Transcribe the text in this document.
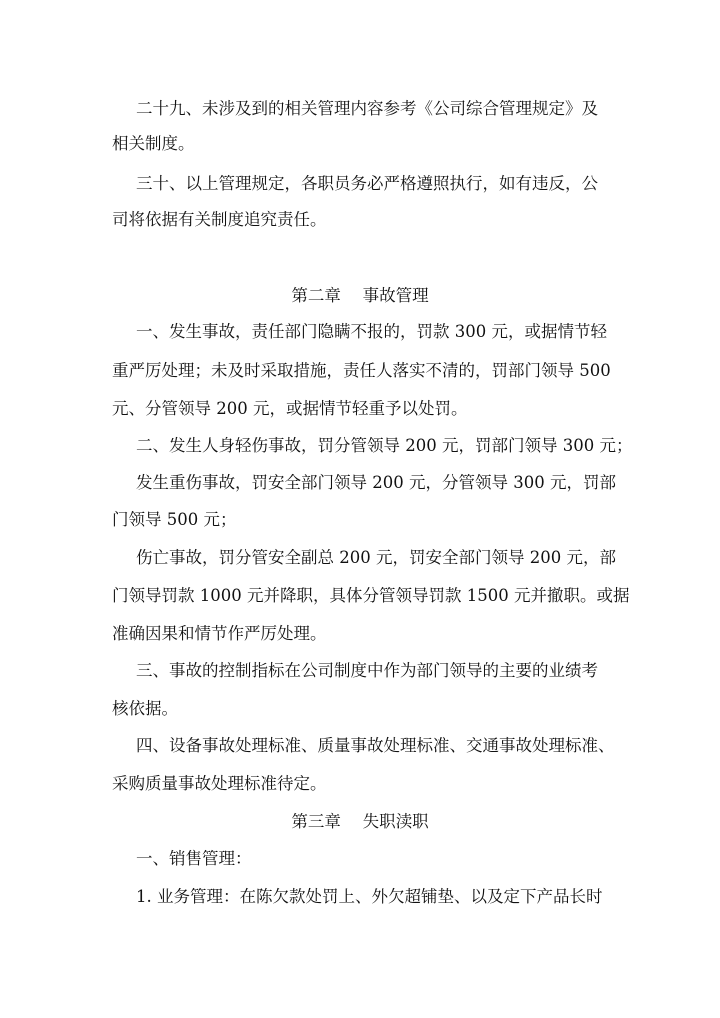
二十九、未涉及到的相关管理内容参考《公司综合管理规定》及
相关制度。
三十、以上管理规定，各职员务必严格遵照执行，如有违反，公
司将依据有关制度追究责任。
第二章　 事故管理
一、发生事故，责任部门隐瞒不报的，罚款 300 元，或据情节轻
重严厉处理；未及时采取措施，责任人落实不清的，罚部门领导 500
元、分管领导 200 元，或据情节轻重予以处罚。
二、发生人身轻伤事故，罚分管领导 200 元，罚部门领导 300 元；
发生重伤事故，罚安全部门领导 200 元，分管领导 300 元，罚部
门领导 500 元；
伤亡事故，罚分管安全副总 200 元，罚安全部门领导 200 元，部
门领导罚款 1000 元并降职，具体分管领导罚款 1500 元并撤职。或据
准确因果和情节作严厉处理。
三、事故的控制指标在公司制度中作为部门领导的主要的业绩考
核依据。
四、设备事故处理标准、质量事故处理标准、交通事故处理标准、
采购质量事故处理标准待定。
第三章　 失职渎职
一、销售管理：
1. 业务管理：在陈欠款处罚上、外欠超铺垫、以及定下产品长时
